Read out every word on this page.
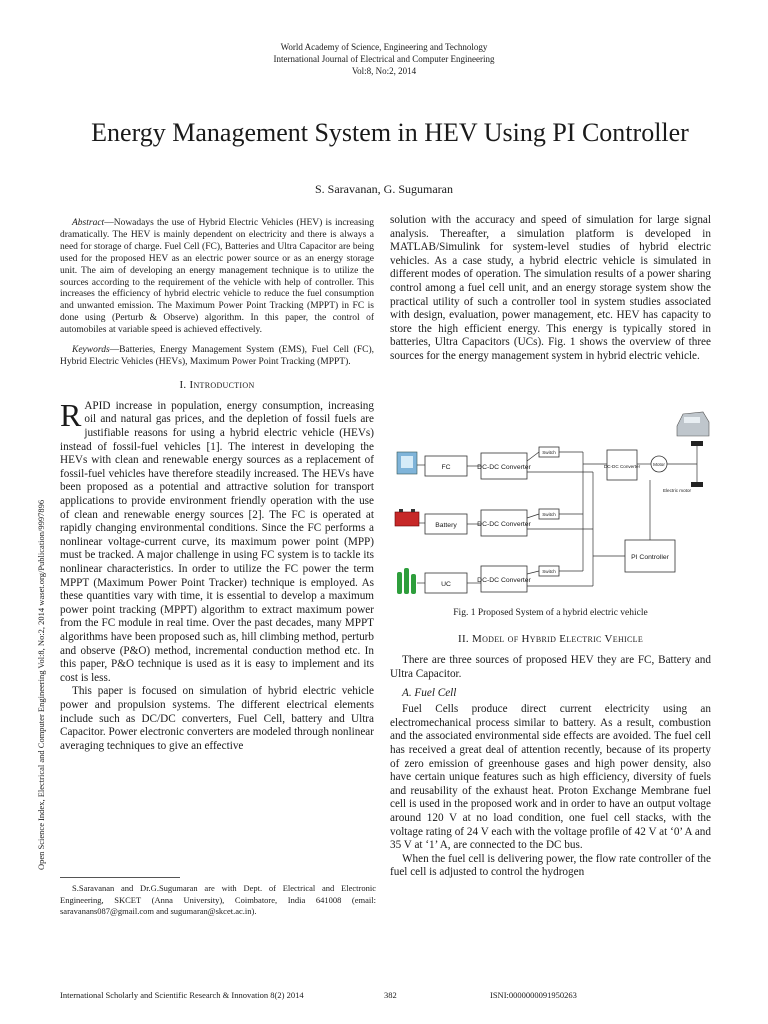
World Academy of Science, Engineering and Technology
International Journal of Electrical and Computer Engineering
Vol:8, No:2, 2014
Energy Management System in HEV Using PI Controller
S. Saravanan, G. Sugumaran
Open Science Index, Electrical and Computer Engineering Vol:8, No:2, 2014 waset.org/Publication/9997896

Abstract—Nowadays the use of Hybrid Electric Vehicles (HEV) is increasing dramatically. The HEV is mainly dependent on electricity and there is always a need for storage of charge. Fuel Cell (FC), Batteries and Ultra Capacitor are being used for the proposed HEV as an electric power source or as an energy storage unit. The aim of developing an energy management technique is to utilize the sources according to the requirement of the vehicle with help of controller. This increases the efficiency of hybrid electric vehicle to reduce the fuel consumption and unwanted emission. The Maximum Power Point Tracking (MPPT) in FC is done using (Perturb & Observe) algorithm. In this paper, the control of automobiles at variable speed is achieved effectively.

Keywords—Batteries, Energy Management System (EMS), Fuel Cell (FC), Hybrid Electric Vehicles (HEVs), Maximum Power Point Tracking (MPPT).

I. Introduction

RAPID increase in population, energy consumption, increasing oil and natural gas prices, and the depletion of fossil fuels are justifiable reasons for using a hybrid electric vehicle (HEVs) instead of fossil-fuel vehicles [1]. The interest in developing the HEVs with clean and renewable energy sources as a replacement of fossil-fuel vehicles have therefore steadily increased. The HEVs have been proposed as a potential and attractive solution for transport applications to provide environment friendly operation with the use of clean and renewable energy sources [2]. The FC is operated at rapidly changing environmental conditions. Since the FC performs a nonlinear voltage-current curve, its maximum power point (MPP) must be tracked. A major challenge in using FC system is to tackle its nonlinear characteristics. In order to utilize the FC power the term MPPT (Maximum Power Point Tracker) technique is employed. As these quantities vary with time, it is essential to develop a maximum power point tracking (MPPT) algorithm to extract maximum power from the FC module in real time. Over the past decades, many MPPT algorithms have been proposed such as, hill climbing method, perturb and observe (P&O) method, incremental conduction method etc. In this paper, P&O technique is used as it is easy to implement and its cost is less.

This paper is focused on simulation of hybrid electric vehicle power and propulsion systems. The different electrical elements include such as DC/DC converters, Fuel Cell, battery and Ultra Capacitor. Power electronic converters are modeled through nonlinear averaging techniques to give an effective

S.Saravanan and Dr.G.Sugumaran are with Dept. of Electrical and Electronic Engineering, SKCET (Anna University), Coimbatore, India 641008 (email: saravanans087@gmail.com and sugumaran@skcet.ac.in).

solution with the accuracy and speed of simulation for large signal analysis. Thereafter, a simulation platform is developed in MATLAB/Simulink for system-level studies of hybrid electric vehicles. As a case study, a hybrid electric vehicle is simulated in different modes of operation. The simulation results of a power sharing control among a fuel cell unit, and an energy storage system show the practical utility of such a controller tool in system studies associated with design, evaluation, power management, etc. HEV has capacity to store the high efficient energy. This energy is typically stored in batteries, Ultra Capacitors (UCs). Fig. 1 shows the overview of three sources for the energy management system in hybrid electric vehicle.

FC
Battery
UC
DC-DC Converter
DC-DC Converter
DC-DC Converter
PI Controller
Switch
Switch
Switch
DC-DC Converter	Motor
Electric motor
Fig. 1 Proposed System of a hybrid electric vehicle
II. Model of Hybrid Electric Vehicle

There are three sources of proposed HEV they are FC, Battery and Ultra Capacitor.

A. Fuel Cell

Fuel Cells produce direct current electricity using an electromechanical process similar to battery. As a result, combustion and the associated environmental side effects are avoided. The fuel cell has received a great deal of attention recently, because of its property of zero emission of greenhouse gases and high power density, also have certain unique features such as high efficiency, diversity of fuels and reusability of the exhaust heat. Proton Exchange Membrane fuel cell is used in the proposed work and in order to have an output voltage around 120 V at no load condition, one fuel cell stacks, with the voltage rating of 24 V each with the voltage profile of 42 V at ‘0’ A and 35 V at ‘1’ A, are connected to the DC bus.

When the fuel cell is delivering power, the flow rate controller of the fuel cell is adjusted to control the hydrogen

International Scholarly and Scientific Research & Innovation 8(2) 2014	382	ISNI:0000000091950263
